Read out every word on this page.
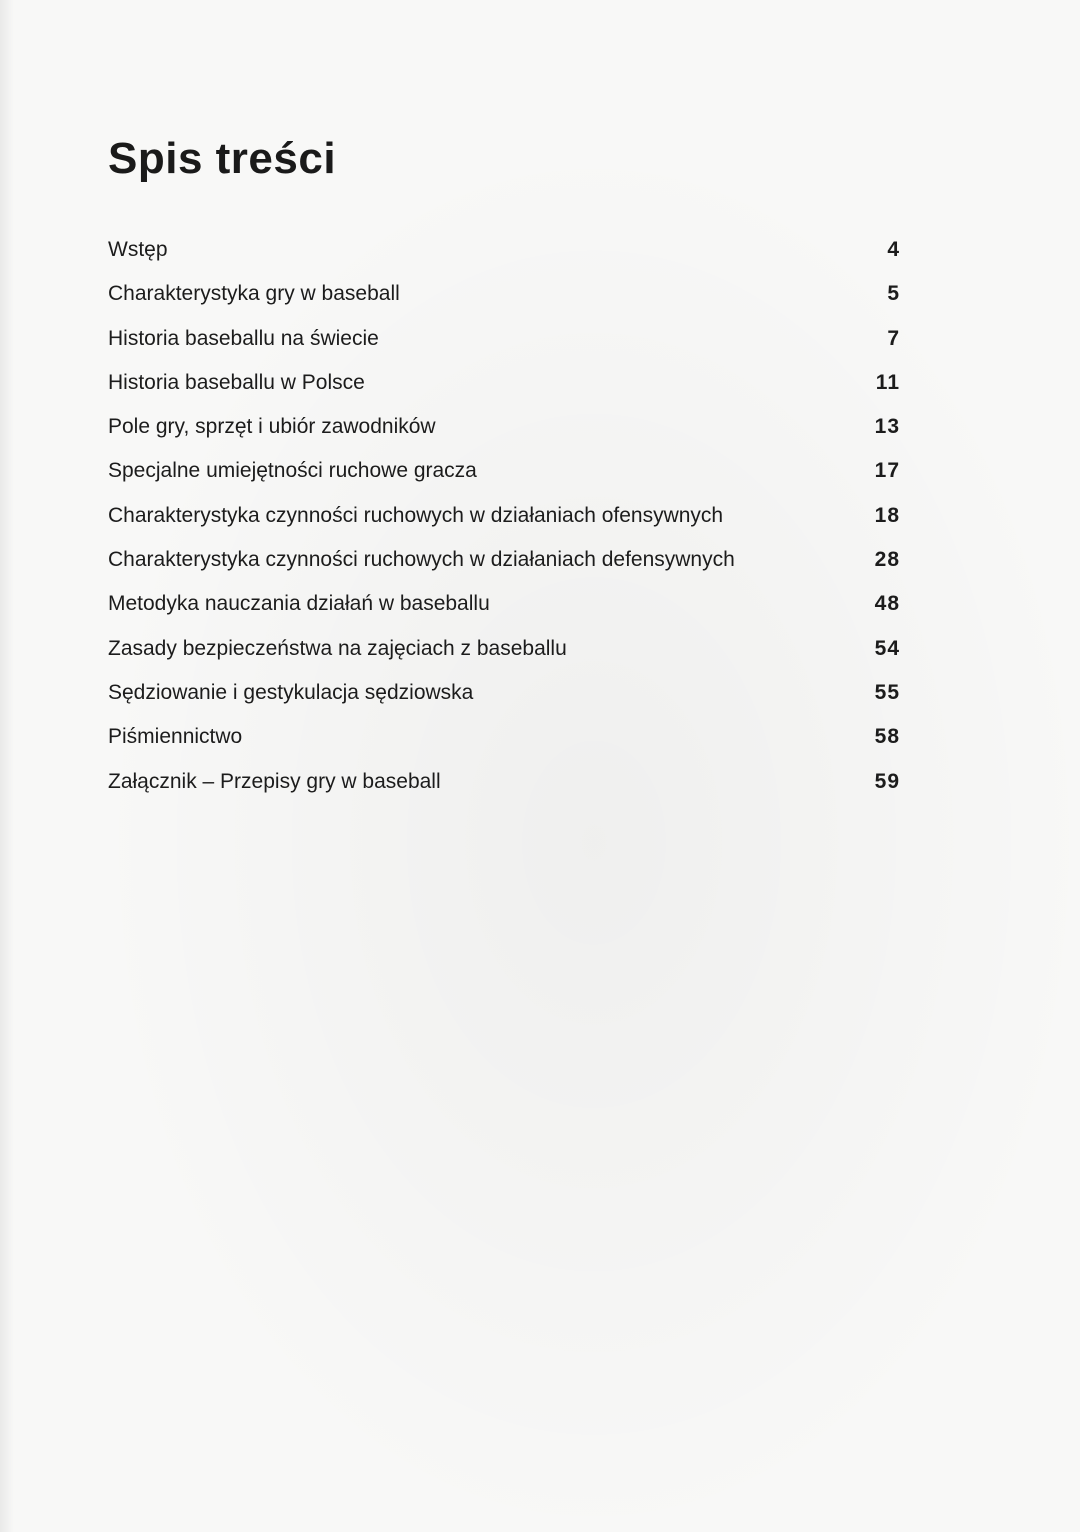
Spis treści
Wstęp	4
Charakterystyka gry w baseball	5
Historia baseballu na świecie	7
Historia baseballu w Polsce	11
Pole gry, sprzęt i ubiór zawodników	13
Specjalne umiejętności ruchowe gracza	17
Charakterystyka czynności ruchowych w działaniach ofensywnych	18
Charakterystyka czynności ruchowych w działaniach defensywnych	28
Metodyka nauczania działań w baseballu	48
Zasady bezpieczeństwa na zajęciach z baseballu	54
Sędziowanie i gestykulacja sędziowska	55
Piśmiennictwo	58
Załącznik – Przepisy gry w baseball	59
